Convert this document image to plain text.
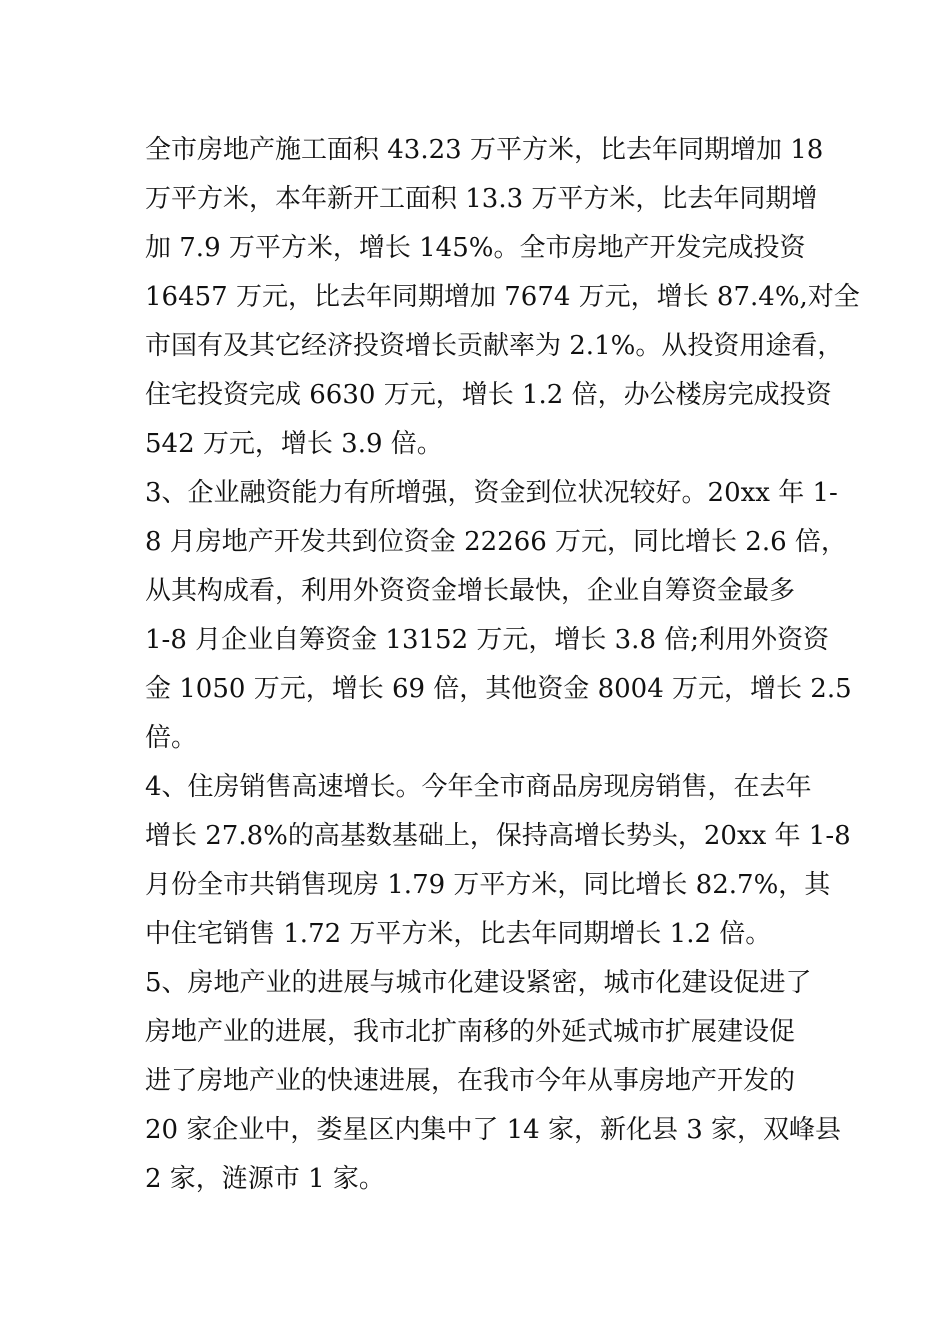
全市房地产施工面积 43.23 万平方米，比去年同期增加 18
万平方米，本年新开工面积 13.3 万平方米，比去年同期增
加 7.9 万平方米，增长 145%。全市房地产开发完成投资
16457 万元，比去年同期增加 7674 万元，增长 87.4%,对全
市国有及其它经济投资增长贡献率为 2.1%。从投资用途看，
住宅投资完成 6630 万元，增长 1.2 倍，办公楼房完成投资
542 万元，增长 3.9 倍。
3、企业融资能力有所增强，资金到位状况较好。20xx 年 1-
8 月房地产开发共到位资金 22266 万元，同比增长 2.6 倍，
从其构成看，利用外资资金增长最快，企业自筹资金最多
1-8 月企业自筹资金 13152 万元，增长 3.8 倍;利用外资资
金 1050 万元，增长 69 倍，其他资金 8004 万元，增长 2.5
倍。
4、住房销售高速增长。今年全市商品房现房销售，在去年
增长 27.8%的高基数基础上，保持高增长势头，20xx 年 1-8
月份全市共销售现房 1.79 万平方米，同比增长 82.7%，其
中住宅销售 1.72 万平方米，比去年同期增长 1.2 倍。
5、房地产业的进展与城市化建设紧密，城市化建设促进了
房地产业的进展，我市北扩南移的外延式城市扩展建设促
进了房地产业的快速进展，在我市今年从事房地产开发的
20 家企业中，娄星区内集中了 14 家，新化县 3 家，双峰县
2 家，涟源市 1 家。
